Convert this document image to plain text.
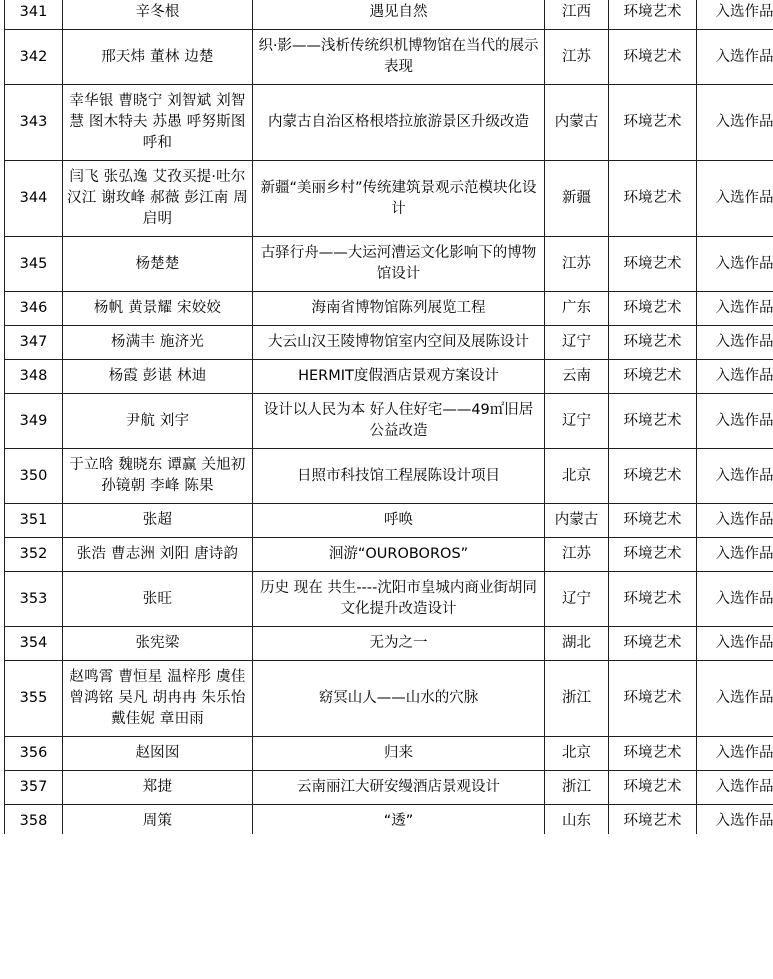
341	辛冬根	遇见自然	江西	环境艺术	入选作品
342	邢天炜 董林 边楚	织·影——浅析传统织机博物馆在当代的展示表现	江苏	环境艺术	入选作品
343	幸华银 曹晓宁 刘智斌 刘智慧 图木特夫 苏愚 呼努斯图 呼和	内蒙古自治区格根塔拉旅游景区升级改造	内蒙古	环境艺术	入选作品
344	闫飞 张弘逸 艾孜买提·吐尔汉江 谢玫峰 郝薇 彭江南 周启明	新疆“美丽乡村”传统建筑景观示范模块化设计	新疆	环境艺术	入选作品
345	杨楚楚	古驿行舟——大运河漕运文化影响下的博物馆设计	江苏	环境艺术	入选作品
346	杨帆 黄景耀 宋姣姣	海南省博物馆陈列展览工程	广东	环境艺术	入选作品
347	杨满丰 施济光	大云山汉王陵博物馆室内空间及展陈设计	辽宁	环境艺术	入选作品
348	杨霞 彭谌 林迪	HERMIT度假酒店景观方案设计	云南	环境艺术	入选作品
349	尹航 刘宇	设计以人民为本 好人住好宅——49㎡旧居公益改造	辽宁	环境艺术	入选作品
350	于立晗 魏晓东 谭赢 关旭初 孙镜朝 李峰 陈果	日照市科技馆工程展陈设计项目	北京	环境艺术	入选作品
351	张超	呼唤	内蒙古	环境艺术	入选作品
352	张浩 曹志洲 刘阳 唐诗韵	洄游“OUROBOROS”	江苏	环境艺术	入选作品
353	张旺	历史 现在 共生----沈阳市皇城内商业街胡同文化提升改造设计	辽宁	环境艺术	入选作品
354	张宪梁	无为之一	湖北	环境艺术	入选作品
355	赵鸣霄 曹恒星 温梓彤 虞佳 曾鸿铭 吴凡 胡冉冉 朱乐怡 戴佳妮 章田雨	窈冥山人——山水的穴脉	浙江	环境艺术	入选作品
356	赵囡囡	归来	北京	环境艺术	入选作品
357	郑捷	云南丽江大研安缦酒店景观设计	浙江	环境艺术	入选作品
358	周策	“透”	山东	环境艺术	入选作品
